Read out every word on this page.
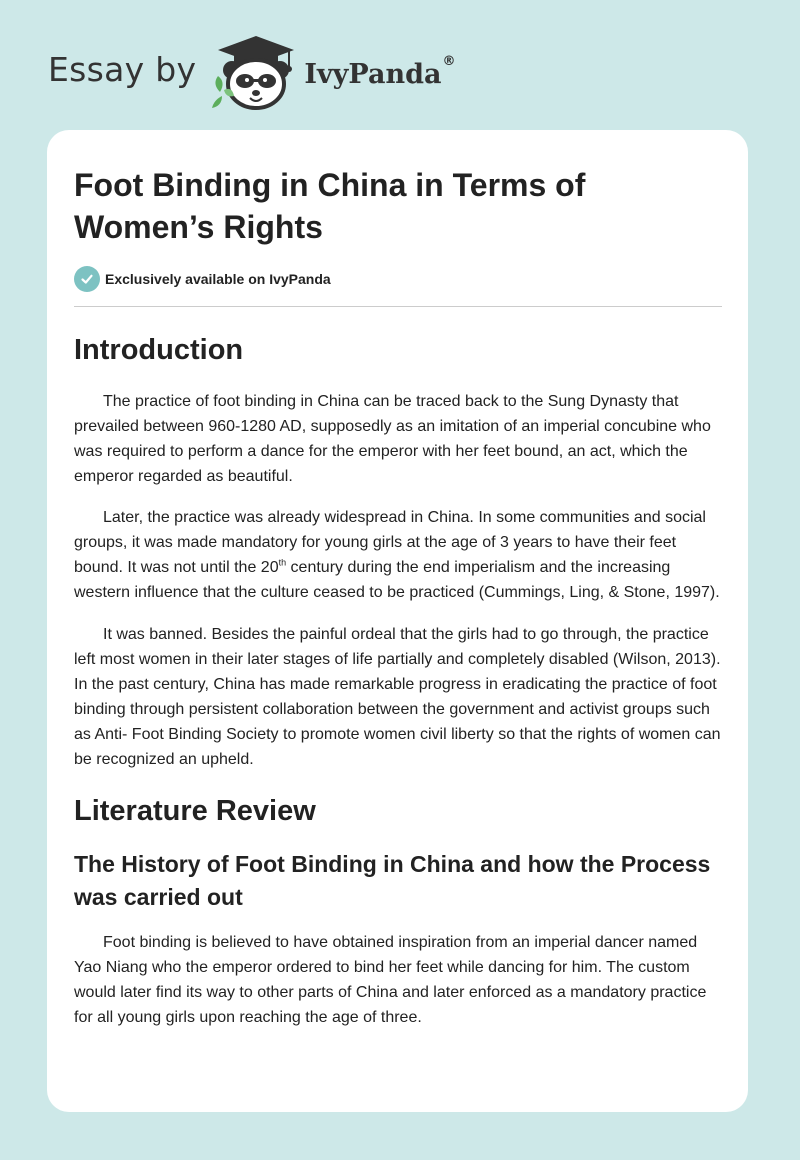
Essay by	IvyPanda ®
Foot Binding in China in Terms of Women’s Rights
Exclusively available on IvyPanda
Introduction

The practice of foot binding in China can be traced back to the Sung Dynasty that prevailed between 960-1280 AD, supposedly as an imitation of an imperial concubine who was required to perform a dance for the emperor with her feet bound, an act, which the emperor regarded as beautiful.

Later, the practice was already widespread in China. In some communities and social groups, it was made mandatory for young girls at the age of 3 years to have their feet bound. It was not until the 20th century during the end imperialism and the increasing western influence that the culture ceased to be practiced (Cummings, Ling, & Stone, 1997).

It was banned. Besides the painful ordeal that the girls had to go through, the practice left most women in their later stages of life partially and completely disabled (Wilson, 2013). In the past century, China has made remarkable progress in eradicating the practice of foot binding through persistent collaboration between the government and activist groups such as Anti- Foot Binding Society to promote women civil liberty so that the rights of women can be recognized an upheld.

Literature Review
The History of Foot Binding in China and how the Process was carried out

Foot binding is believed to have obtained inspiration from an imperial dancer named Yao Niang who the emperor ordered to bind her feet while dancing for him. The custom would later find its way to other parts of China and later enforced as a mandatory practice for all young girls upon reaching the age of three.
